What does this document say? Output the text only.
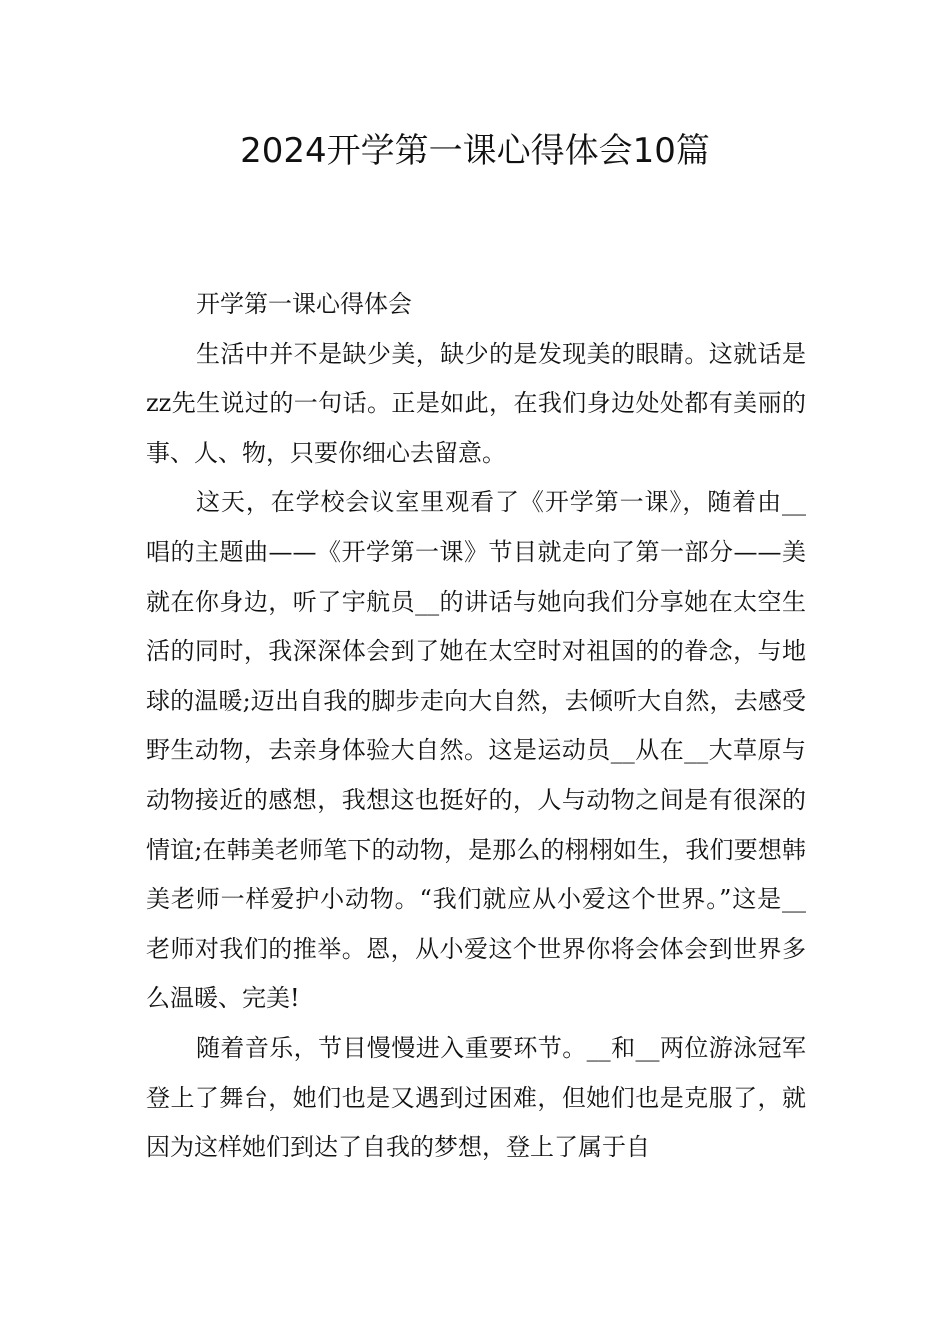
2024开学第一课心得体会10篇

开学第一课心得体会

生活中并不是缺少美，缺少的是发现美的眼睛。这就话是zz先生说过的一句话。正是如此，在我们身边处处都有美丽的事、人、物，只要你细心去留意。

这天，在学校会议室里观看了《开学第一课》，随着由__唱的主题曲——《开学第一课》节目就走向了第一部分——美就在你身边，听了宇航员__的讲话与她向我们分享她在太空生活的同时，我深深体会到了她在太空时对祖国的的眷念，与地球的温暖;迈出自我的脚步走向大自然，去倾听大自然，去感受野生动物，去亲身体验大自然。这是运动员__从在__大草原与动物接近的感想，我想这也挺好的，人与动物之间是有很深的情谊;在韩美老师笔下的动物，是那么的栩栩如生，我们要想韩美老师一样爱护小动物。“我们就应从小爱这个世界。”这是__老师对我们的推举。恩，从小爱这个世界你将会体会到世界多么温暖、完美!

随着音乐，节目慢慢进入重要环节。__和__两位游泳冠军登上了舞台，她们也是又遇到过困难，但她们也是克服了，就因为这样她们到达了自我的梦想，登上了属于自
